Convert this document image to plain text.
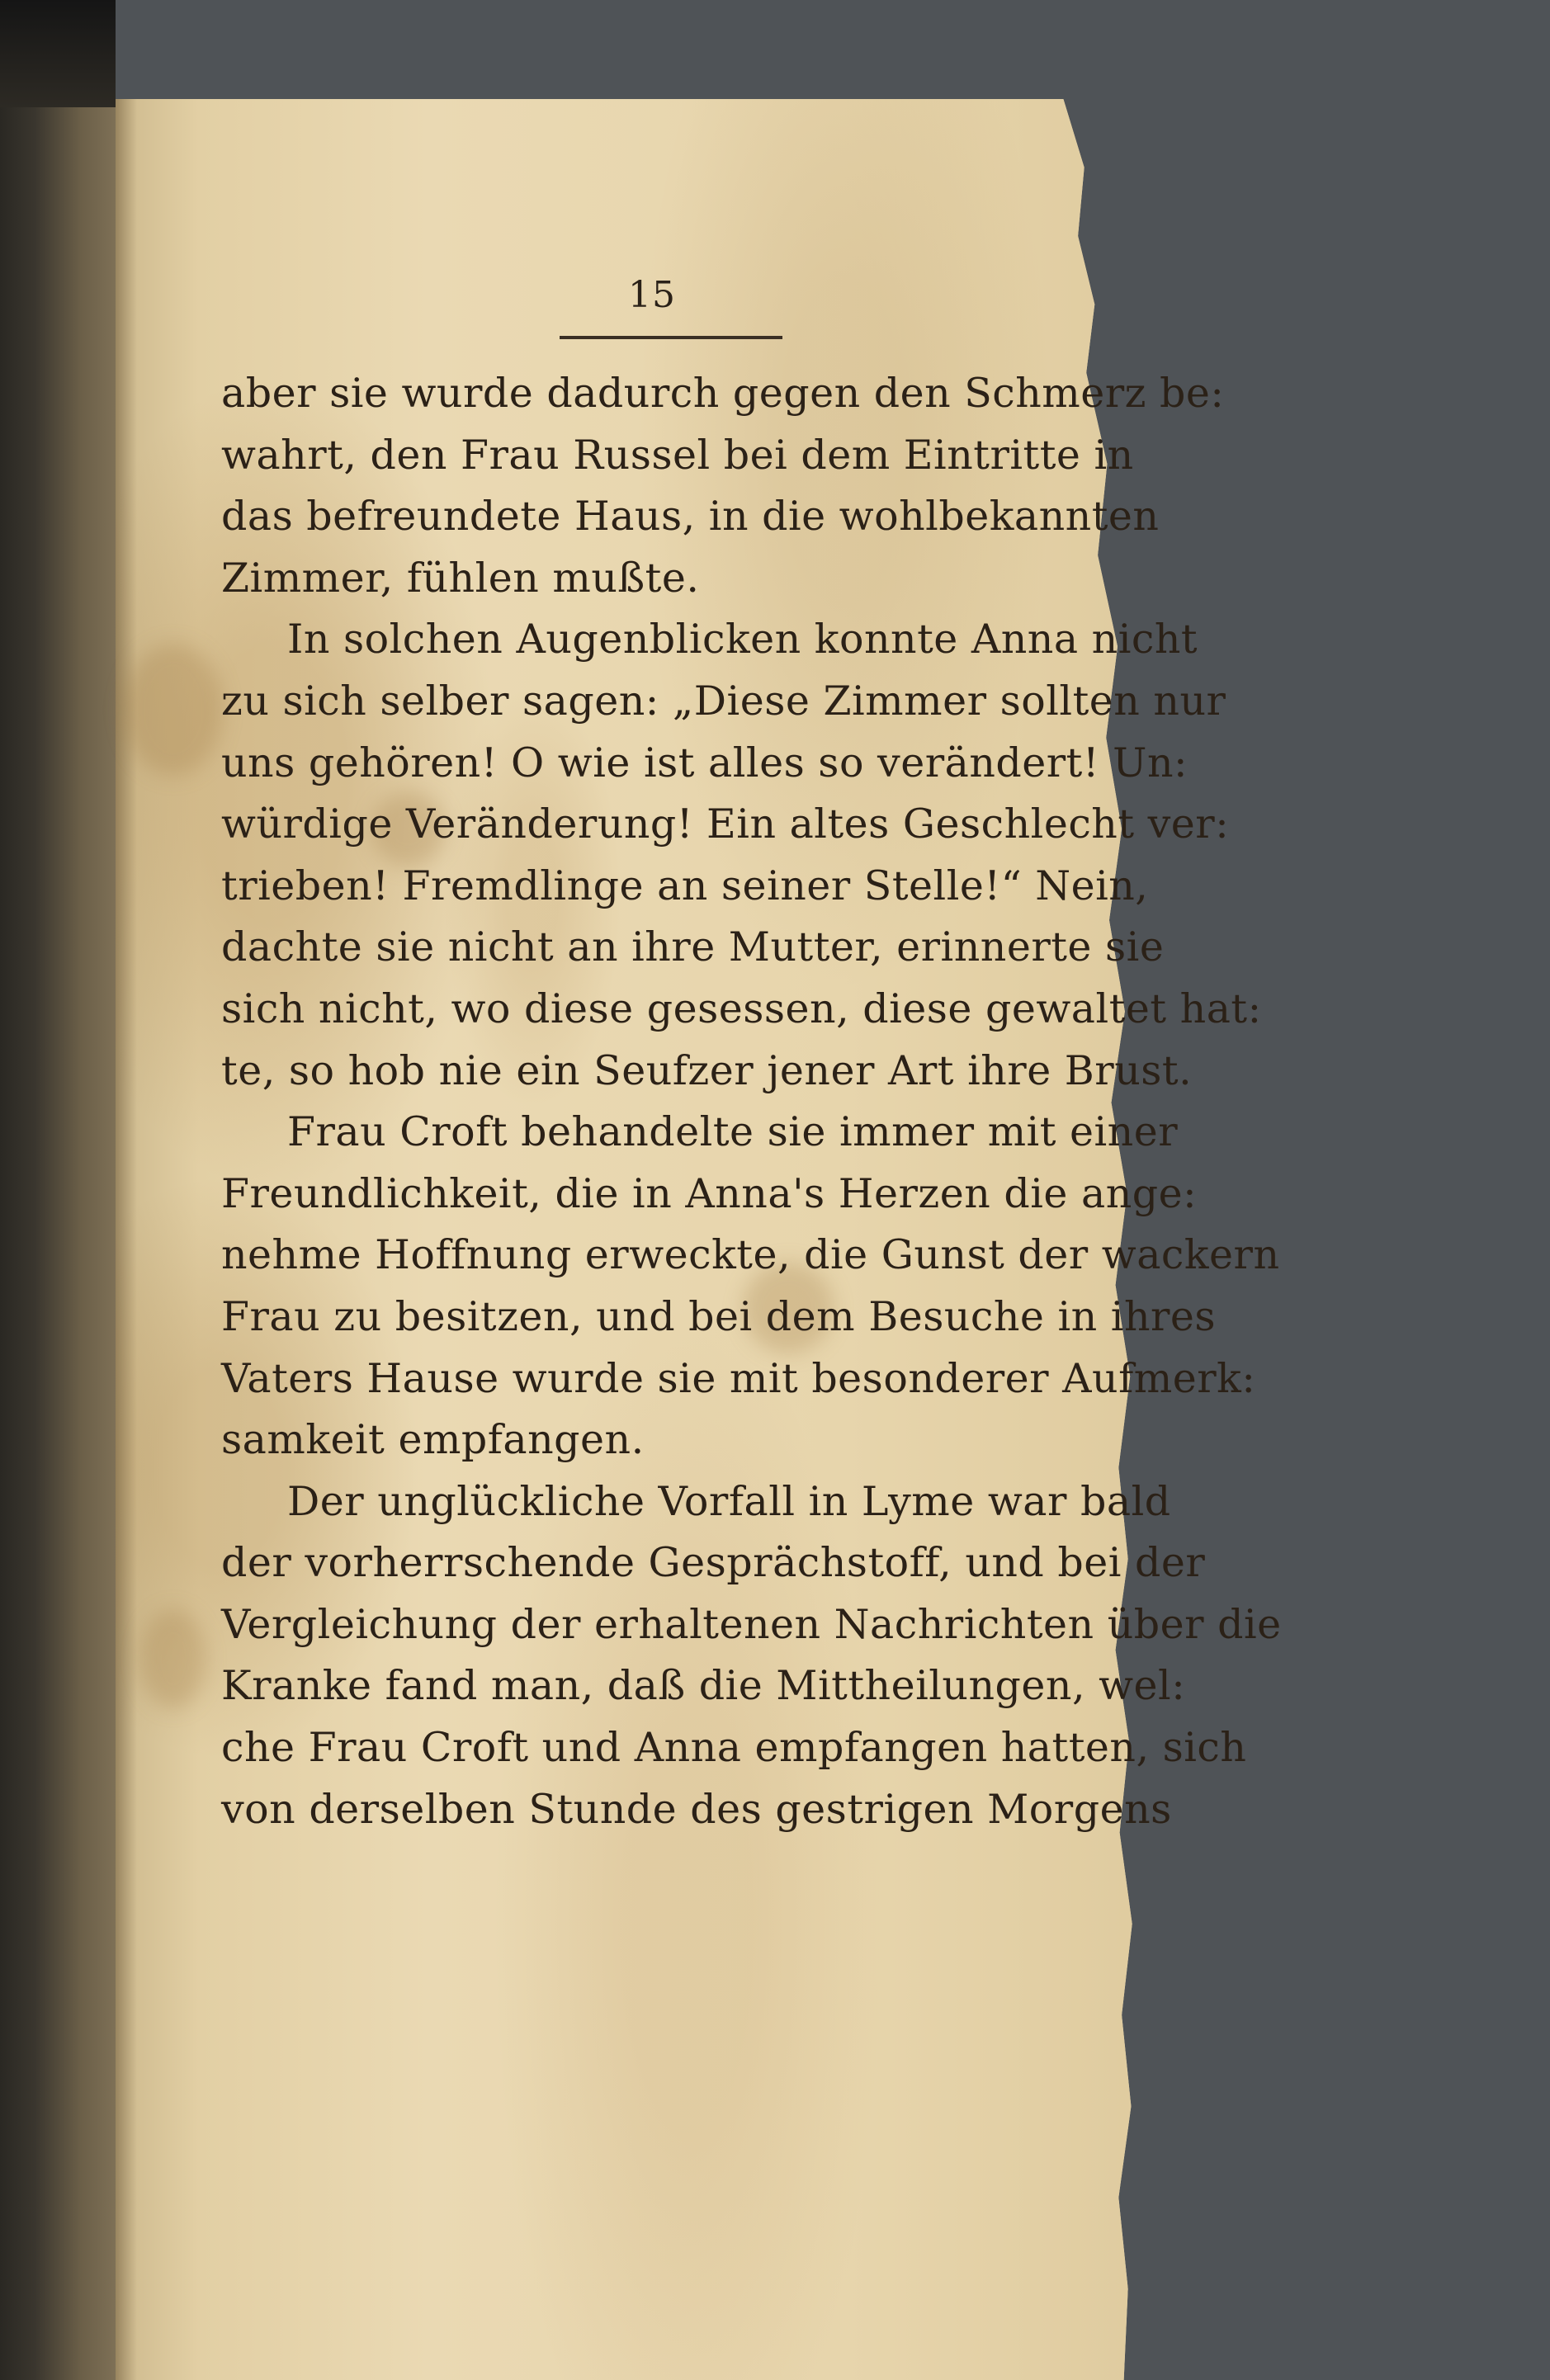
15
aber sie wurde dadurch gegen den Schmerz be:
wahrt, den Frau Russel bei dem Eintritte in
das befreundete Haus, in die wohlbekannten
Zimmer, fühlen mußte.
In solchen Augenblicken konnte Anna nicht
zu sich selber sagen: „Diese Zimmer sollten nur
uns gehören! O wie ist alles so verändert! Un:
würdige Veränderung! Ein altes Geschlecht ver:
trieben! Fremdlinge an seiner Stelle!“ Nein,
dachte sie nicht an ihre Mutter, erinnerte sie
sich nicht, wo diese gesessen, diese gewaltet hat:
te, so hob nie ein Seufzer jener Art ihre Brust.
Frau Croft behandelte sie immer mit einer
Freundlichkeit, die in Anna's Herzen die ange:
nehme Hoffnung erweckte, die Gunst der wackern
Frau zu besitzen, und bei dem Besuche in ihres
Vaters Hause wurde sie mit besonderer Aufmerk:
samkeit empfangen.
Der unglückliche Vorfall in Lyme war bald
der vorherrschende Gesprächstoff, und bei der
Vergleichung der erhaltenen Nachrichten über die
Kranke fand man, daß die Mittheilungen, wel:
che Frau Croft und Anna empfangen hatten, sich
von derselben Stunde des gestrigen Morgens
